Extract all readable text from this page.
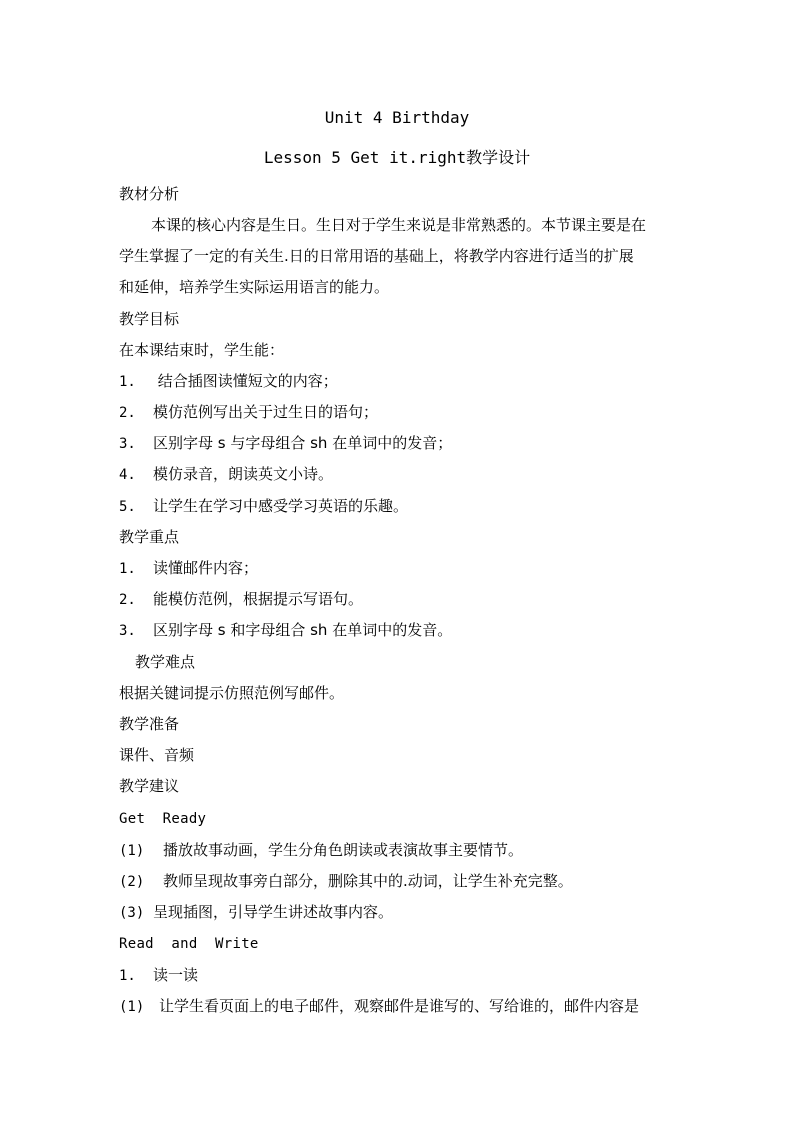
Unit 4 Birthday
Lesson 5 Get it.right教学设计
教材分析
本课的核心内容是生日。生日对于学生来说是非常熟悉的。本节课主要是在
学生掌握了一定的有关生.日的日常用语的基础上，将教学内容进行适当的扩展
和延伸，培养学生实际运用语言的能力。
教学目标
在本课结束时，学生能：
1. 结合插图读懂短文的内容；
2. 模仿范例写出关于过生日的语句；
3. 区别字母 s 与字母组合 sh 在单词中的发音；
4. 模仿录音，朗读英文小诗。
5. 让学生在学习中感受学习英语的乐趣。
教学重点
1. 读懂邮件内容；
2. 能模仿范例，根据提示写语句。
3. 区别字母 s 和字母组合 sh 在单词中的发音。
教学难点
根据关键词提示仿照范例写邮件。
教学准备
课件、音频
教学建议
Get  Ready
(1) 播放故事动画，学生分角色朗读或表演故事主要情节。
(2) 教师呈现故事旁白部分，删除其中的.动词，让学生补充完整。
(3) 呈现插图，引导学生讲述故事内容。
Read  and  Write
1. 读一读
(1) 让学生看页面上的电子邮件，观察邮件是谁写的、写给谁的，邮件内容是
